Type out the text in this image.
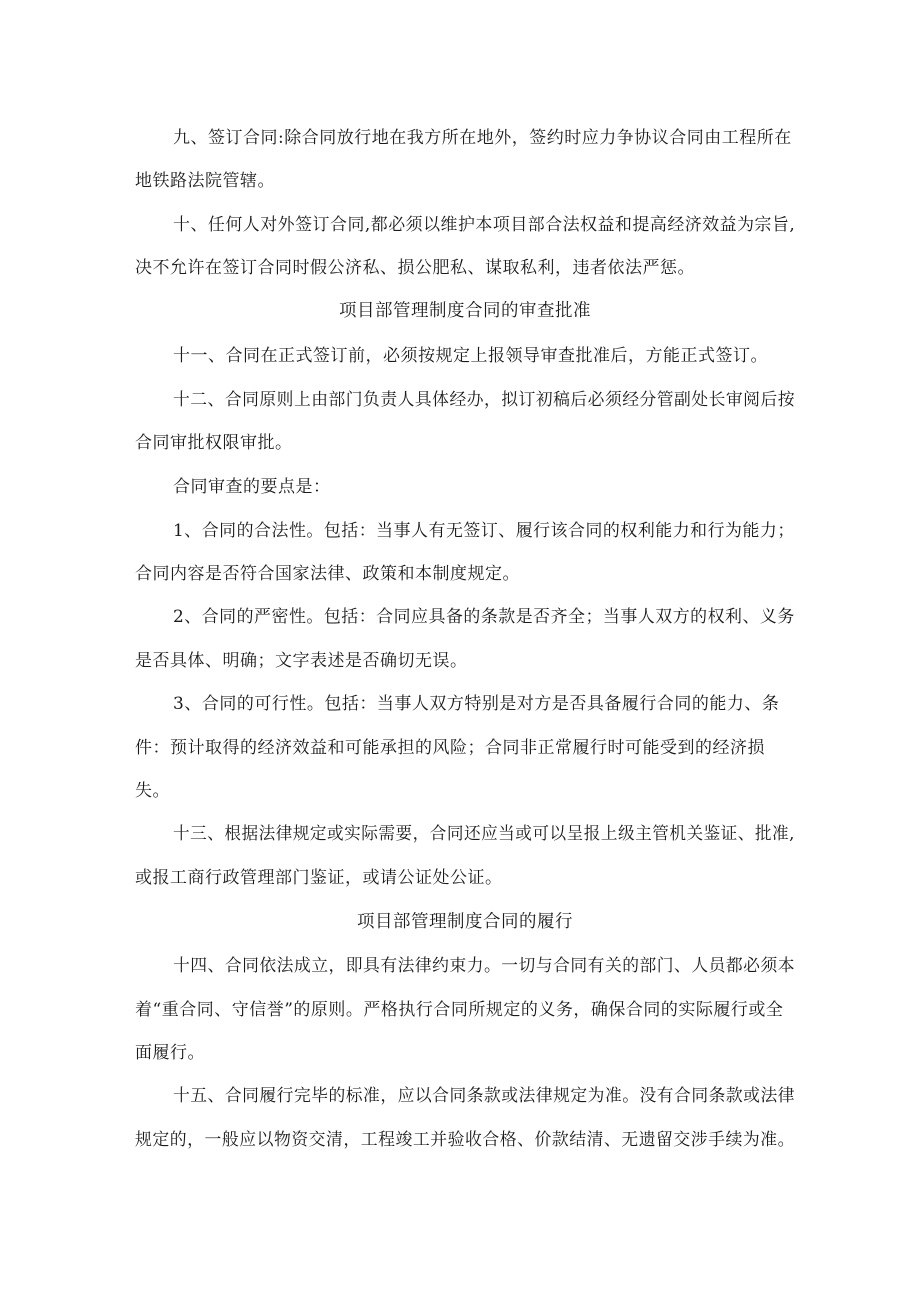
九、签订合同:除合同放行地在我方所在地外，签约时应力争协议合同由工程所在
地铁路法院管辖。
十、任何人对外签订合同,都必须以维护本项目部合法权益和提高经济效益为宗旨,
决不允许在签订合同时假公济私、损公肥私、谋取私利，违者依法严惩。
项目部管理制度合同的审查批准
十一、合同在正式签订前，必须按规定上报领导审查批准后，方能正式签订。
十二、合同原则上由部门负责人具体经办，拟订初稿后必须经分管副处长审阅后按
合同审批权限审批。
合同审查的要点是：
1、合同的合法性。包括：当事人有无签订、履行该合同的权利能力和行为能力；
合同内容是否符合国家法律、政策和本制度规定。
2、合同的严密性。包括：合同应具备的条款是否齐全；当事人双方的权利、义务
是否具体、明确；文字表述是否确切无误。
3、合同的可行性。包括：当事人双方特别是对方是否具备履行合同的能力、条
件：预计取得的经济效益和可能承担的风险；合同非正常履行时可能受到的经济损
失。
十三、根据法律规定或实际需要，合同还应当或可以呈报上级主管机关鉴证、批准,
或报工商行政管理部门鉴证，或请公证处公证。
项目部管理制度合同的履行
十四、合同依法成立，即具有法律约束力。一切与合同有关的部门、人员都必须本
着“重合同、守信誉”的原则。严格执行合同所规定的义务，确保合同的实际履行或全
面履行。
十五、合同履行完毕的标准，应以合同条款或法律规定为准。没有合同条款或法律
规定的，一般应以物资交清，工程竣工并验收合格、价款结清、无遗留交涉手续为准。
